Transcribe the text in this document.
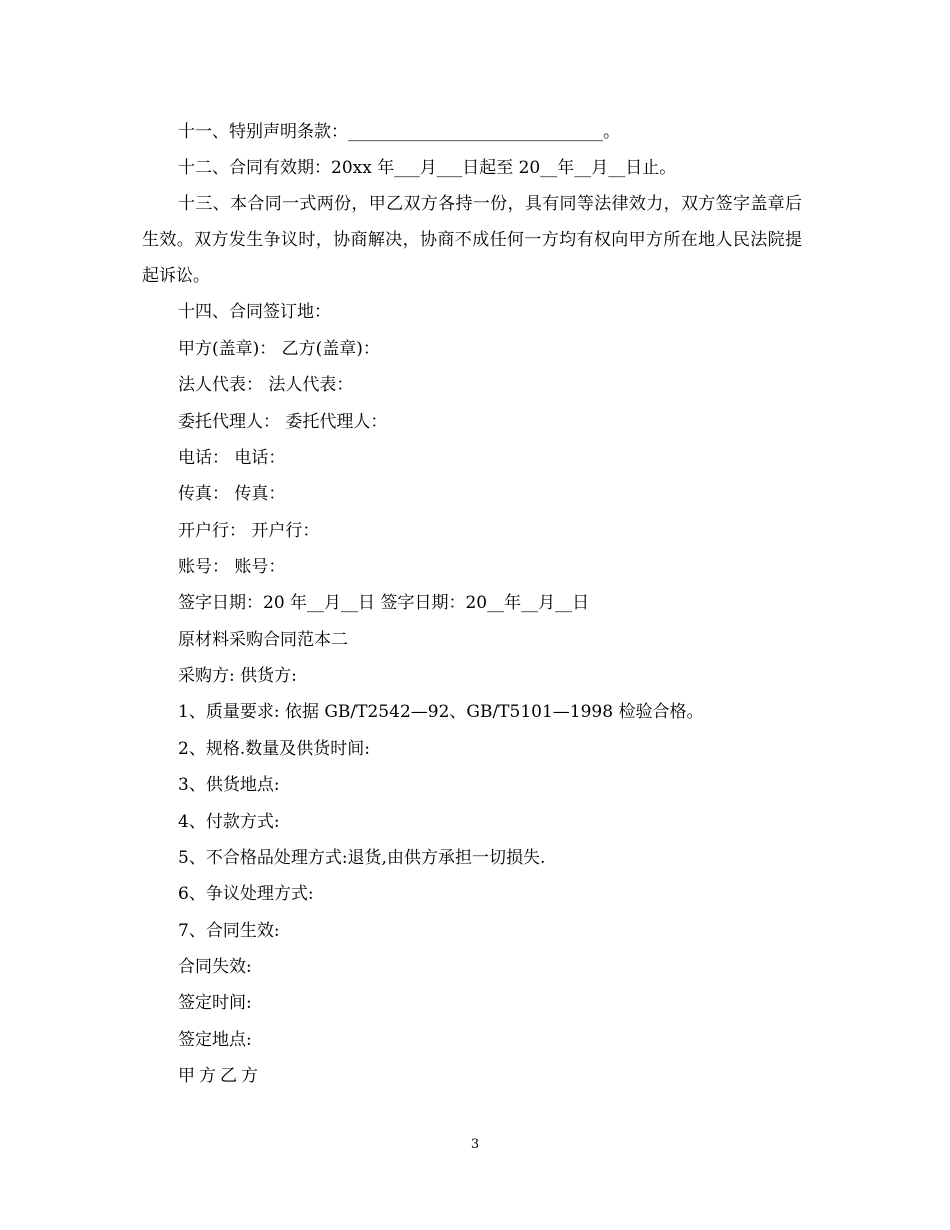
十一、特别声明条款：______________________________。
十二、合同有效期：20xx 年___月___日起至 20__年__月__日止。
十三、本合同一式两份，甲乙双方各持一份，具有同等法律效力，双方签字盖章后生效。双方发生争议时，协商解决，协商不成任何一方均有权向甲方所在地人民法院提起诉讼。
十四、合同签订地：
甲方(盖章)： 乙方(盖章)：
法人代表： 法人代表：
委托代理人： 委托代理人：
电话： 电话：
传真： 传真：
开户行： 开户行：
账号： 账号：
签字日期：20 年__月__日 签字日期：20__年__月__日
原材料采购合同范本二
采购方: 供货方:
1、质量要求: 依据 GB/T2542—92、GB/T5101—1998 检验合格。
2、规格.数量及供货时间:
3、供货地点:
4、付款方式:
5、不合格品处理方式:退货,由供方承担一切损失.
6、争议处理方式:
7、合同生效:
合同失效:
签定时间:
签定地点:
甲方乙方
3
